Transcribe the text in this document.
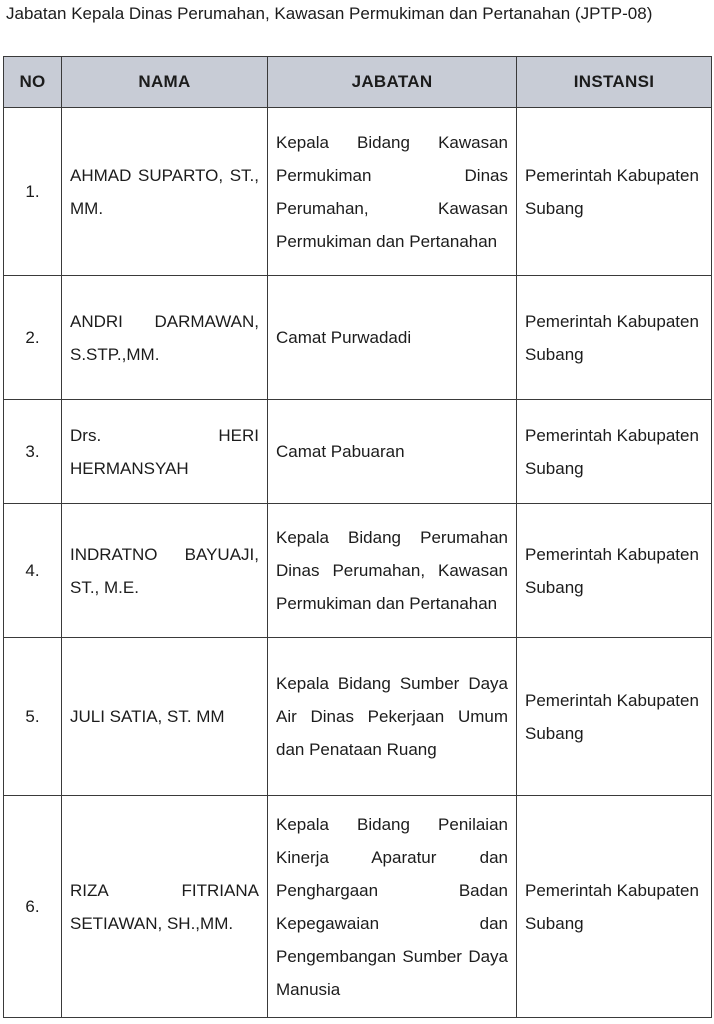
Jabatan Kepala Dinas Perumahan, Kawasan Permukiman dan Pertanahan (JPTP-08)

NO	NAMA	JABATAN	INSTANSI
1.	AHMAD SUPARTO, ST., MM.	Kepala Bidang Kawasan Permukiman Dinas Perumahan, Kawasan Permukiman dan Pertanahan	Pemerintah Kabupaten Subang
2.	ANDRI DARMAWAN, S.STP.,MM.	Camat Purwadadi	Pemerintah Kabupaten Subang
3.	Drs. HERI HERMANSYAH	Camat Pabuaran	Pemerintah Kabupaten Subang
4.	INDRATNO BAYUAJI, ST., M.E.	Kepala Bidang Perumahan Dinas Perumahan, Kawasan Permukiman dan Pertanahan	Pemerintah Kabupaten Subang
5.	JULI SATIA, ST. MM	Kepala Bidang Sumber Daya Air Dinas Pekerjaan Umum dan Penataan Ruang	Pemerintah Kabupaten Subang
6.	RIZA FITRIANA SETIAWAN, SH.,MM.	Kepala Bidang Penilaian Kinerja Aparatur dan Penghargaan Badan Kepegawaian dan Pengembangan Sumber Daya Manusia	Pemerintah Kabupaten Subang
